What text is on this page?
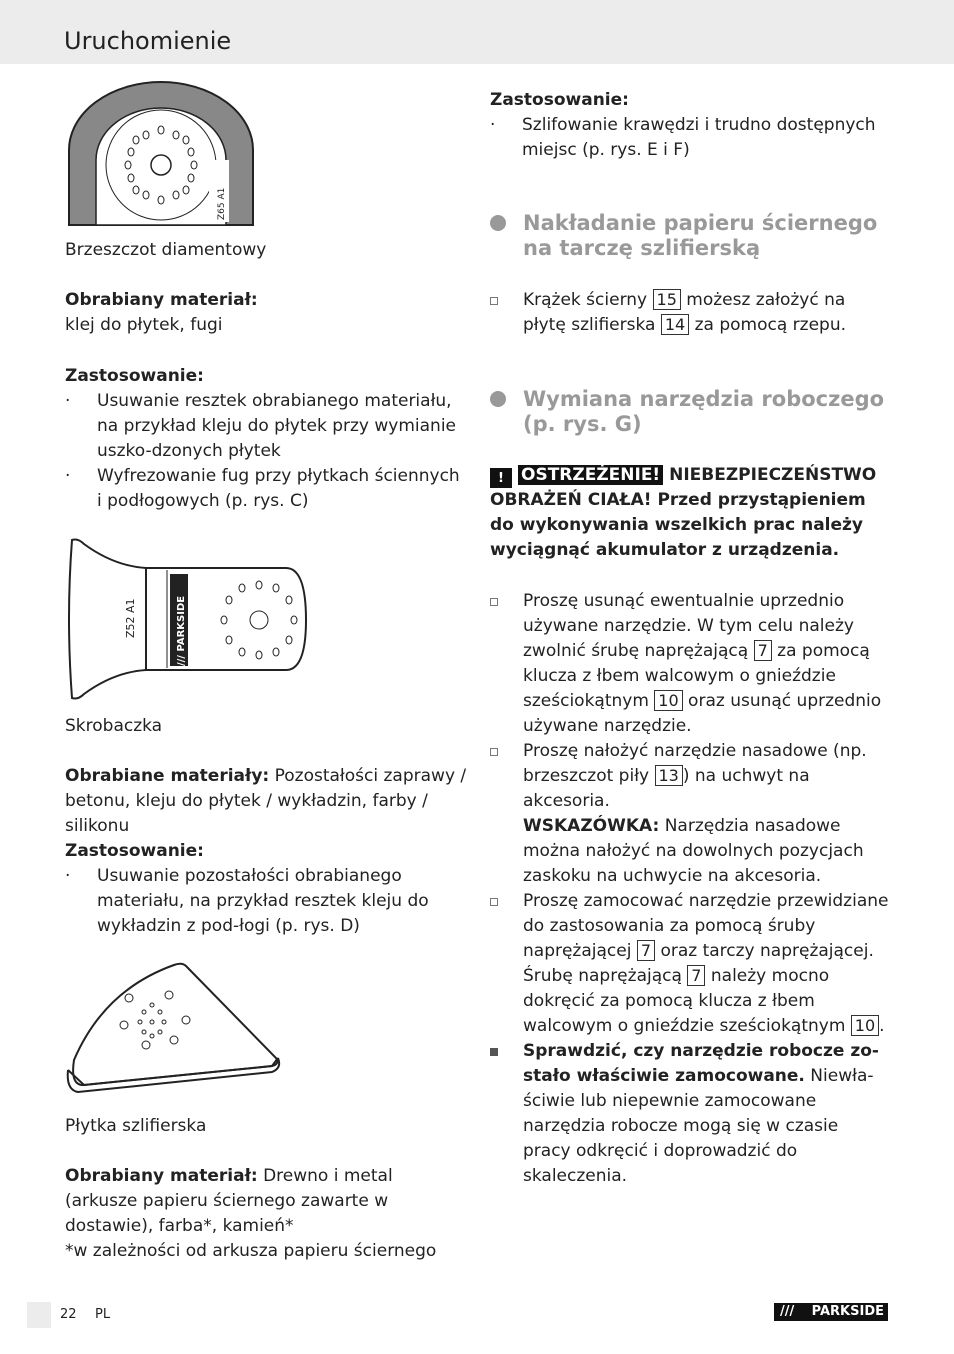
Uruchomienie
Z65 A1
Brzeszczot diamentowy

Obrabiany materiał:

klej do płytek, fugi

Zastosowanie:

·	Usuwanie resztek obrabianego materiału, na przykład kleju do płytek przy wymianie uszko-dzonych płytek
·	Wyfrezowanie fug przy płytkach ściennych i podłogowych (p. rys. C)
/// PARKSIDE
Z52 A1
Skrobaczka

Obrabiane materiały: Pozostałości zaprawy / betonu, kleju do płytek / wykładzin, farby / silikonu

Zastosowanie:

·	Usuwanie pozostałości obrabianego materiału, na przykład resztek kleju do wykładzin z pod-łogi (p. rys. D)
Płytka szlifierska

Obrabiany materiał: Drewno i metal (arkusze papieru ściernego zawarte w dostawie), farba*, kamień*

*w zależności od arkusza papieru ściernego

Zastosowanie:

·	Szlifowanie krawędzi i trudno dostępnych miejsc (p. rys. E i F)
Nakładanie papieru ściernego na tarczę szlifierską
Krążek ścierny 15 możesz założyć na płytę szlifierska 14 za pomocą rzepu.
Wymiana narzędzia roboczego (p. rys. G)
! OSTRZEŻENIE! NIEBEZPIECZEŃSTWO OBRAŻEŃ CIAŁA! Przed przystąpieniem do wykonywania wszelkich prac należy wyciągnąć akumulator z urządzenia.
Proszę usunąć ewentualnie uprzednio używane narzędzie. W tym celu należy zwolnić śrubę naprężającą 7 za pomocą klucza z łbem walcowym o gnieździe sześciokątnym 10 oraz usunąć uprzednio używane narzędzie.
Proszę nałożyć narzędzie nasadowe (np. brzeszczot piły 13 ) na uchwyt na akcesoria.
WSKAZÓWKA: Narzędzia nasadowe można nałożyć na dowolnych pozycjach zaskoku na uchwycie na akcesoria.
Proszę zamocować narzędzie przewidziane do zastosowania za pomocą śruby naprężającej 7 oraz tarczy naprężającej.
Śrubę naprężającą 7 należy mocno dokręcić za pomocą klucza z łbem walcowym o gnieździe sześciokątnym 10 .
Sprawdzić, czy narzędzie robocze zo-stało właściwie zamocowane. Niewła-ściwie lub niepewnie zamocowane narzędzia robocze mogą się w czasie pracy odkręcić i doprowadzić do skaleczenia.
22 PL	/// PARKSIDE
